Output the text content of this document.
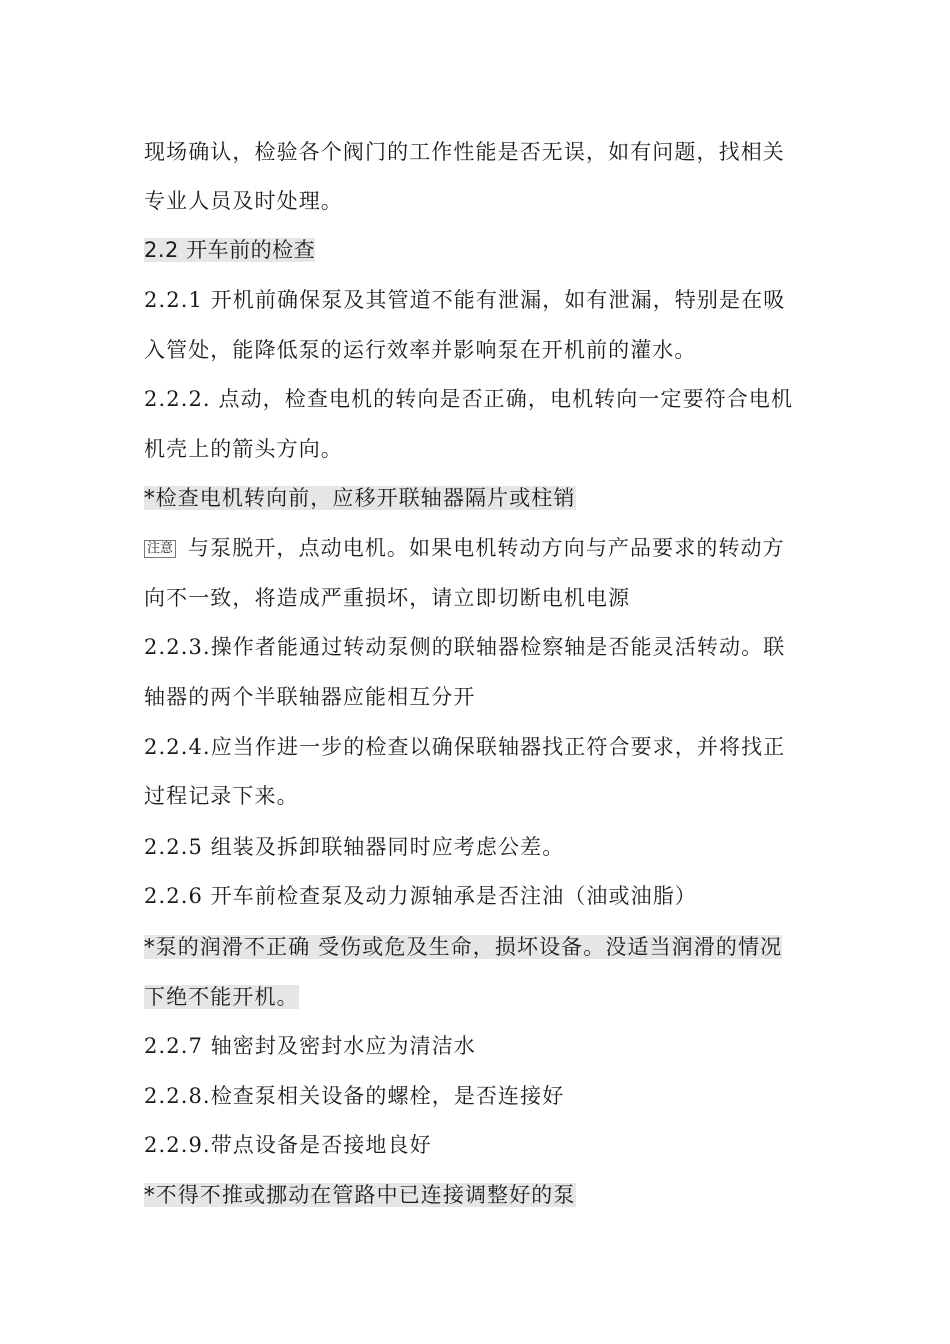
现场确认，检验各个阀门的工作性能是否无误，如有问题，找相关
专业人员及时处理。
2.2 开车前的检查
2.2.1 开机前确保泵及其管道不能有泄漏，如有泄漏，特别是在吸
入管处，能降低泵的运行效率并影响泵在开机前的灌水。
2.2.2. 点动，检查电机的转向是否正确，电机转向一定要符合电机
机壳上的箭头方向。
*检查电机转向前，应移开联轴器隔片或柱销
注意 与泵脱开，点动电机。如果电机转动方向与产品要求的转动方
向不一致，将造成严重损坏，请立即切断电机电源
2.2.3.操作者能通过转动泵侧的联轴器检察轴是否能灵活转动。联
轴器的两个半联轴器应能相互分开
2.2.4.应当作进一步的检查以确保联轴器找正符合要求，并将找正
过程记录下来。
2.2.5 组装及拆卸联轴器同时应考虑公差。
2.2.6 开车前检查泵及动力源轴承是否注油（油或油脂）
*泵的润滑不正确 受伤或危及生命，损坏设备。没适当润滑的情况
下绝不能开机。
2.2.7 轴密封及密封水应为清洁水
2.2.8.检查泵相关设备的螺栓，是否连接好
2.2.9.带点设备是否接地良好
*不得不推或挪动在管路中已连接调整好的泵
